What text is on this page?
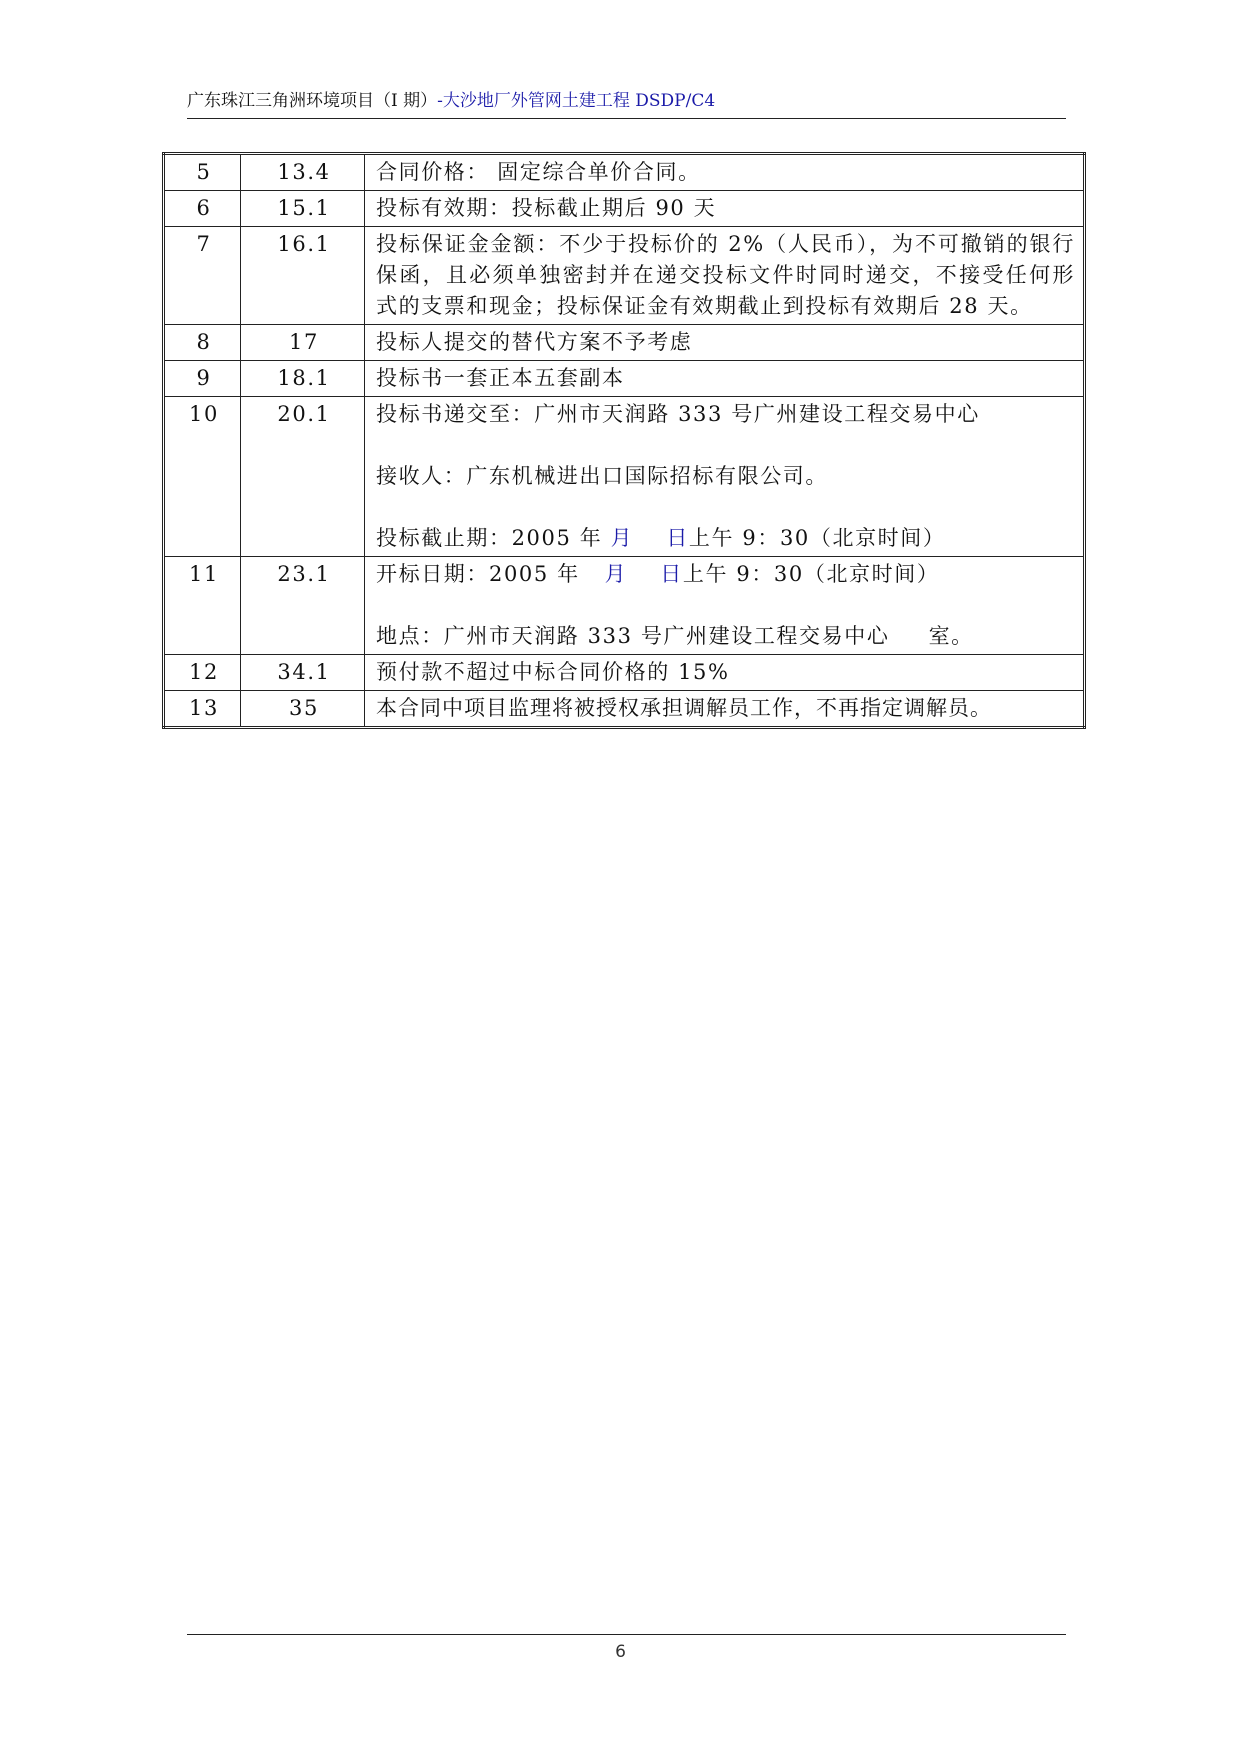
广东珠江三角洲环境项目（I 期）-大沙地厂外管网土建工程 DSDP/C4
5	13.4	合同价格： 固定综合单价合同。
6	15.1	投标有效期：投标截止期后 90 天
7	16.1	投标保证金金额：不少于投标价的 2%（人民币），为不可撤销的银行保函，且必须单独密封并在递交投标文件时同时递交，不接受任何形式的支票和现金；投标保证金有效期截止到投标有效期后 28 天。
8	17	投标人提交的替代方案不予考虑
9	18.1	投标书一套正本五套副本
10	20.1	投标书递交至：广州市天润路 333 号广州建设工程交易中心
接收人：广东机械进出口国际招标有限公司。
投标截止期：2005 年 月 日上午 9：30（北京时间）

11	23.1	开标日期：2005 年   月 日上午 9：30（北京时间）
地点：广州市天润路 333 号广州建设工程交易中心 　 室。

12	34.1	预付款不超过中标合同价格的 15%
13	35	本合同中项目监理将被授权承担调解员工作，不再指定调解员。
6
